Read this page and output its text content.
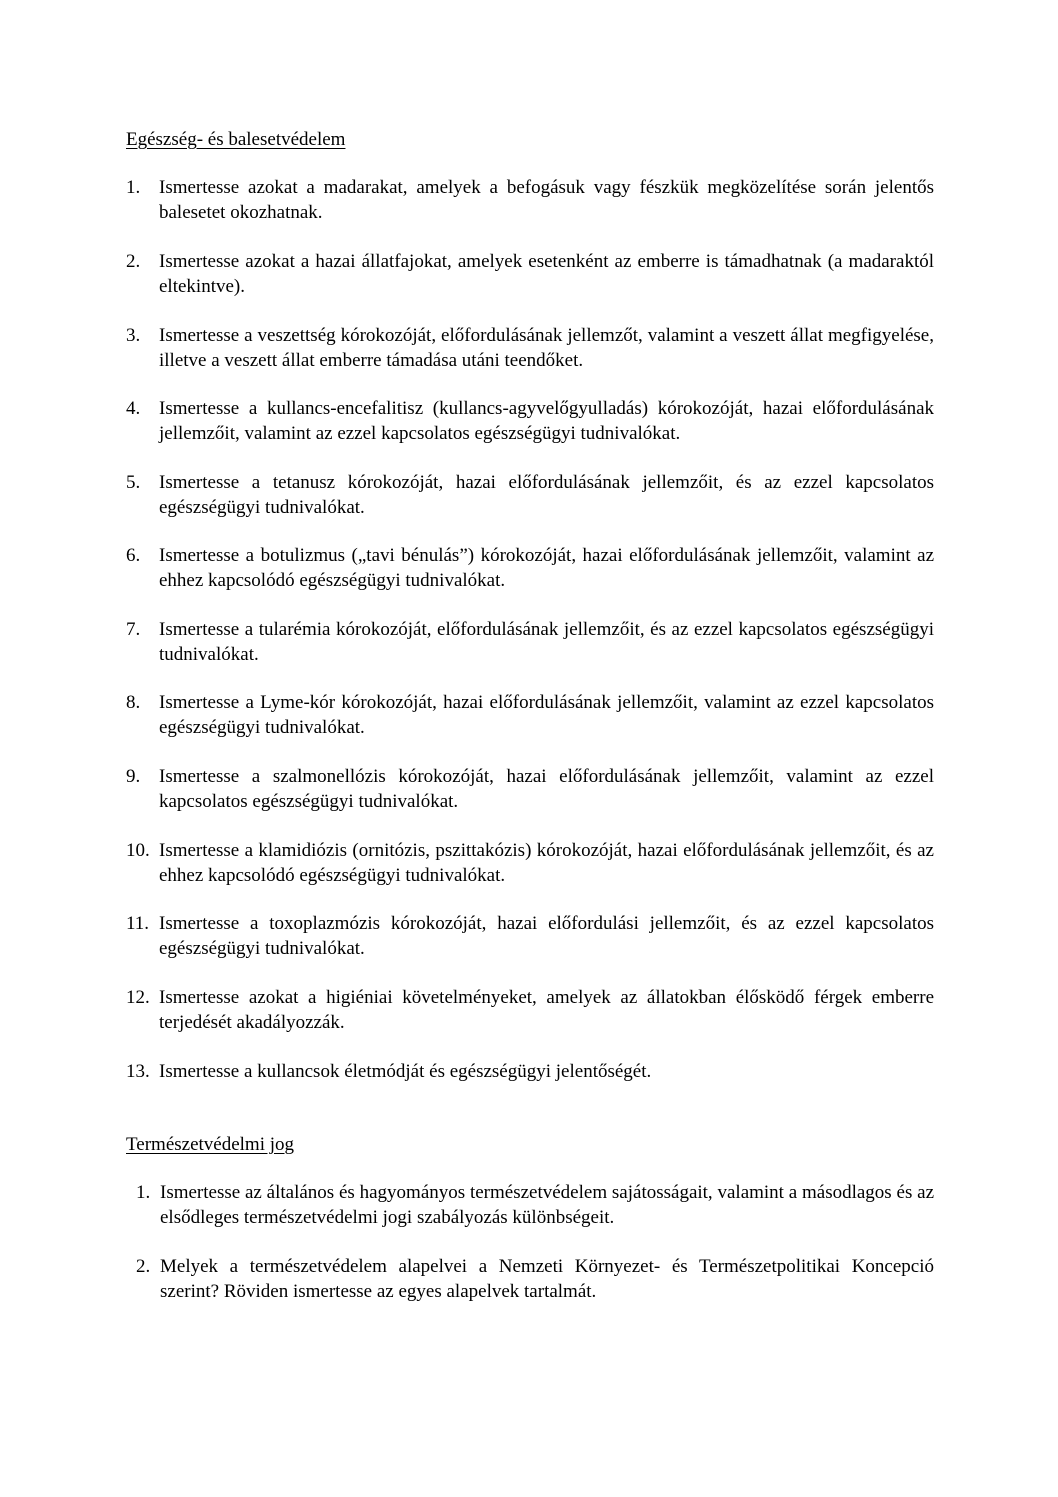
Egészség- és balesetvédelem
1. Ismertesse azokat a madarakat, amelyek a befogásuk vagy fészkük megközelítése során jelentős balesetet okozhatnak.
2. Ismertesse azokat a hazai állatfajokat, amelyek esetenként az emberre is támadhatnak (a madaraktól eltekintve).
3. Ismertesse a veszettség kórokozóját, előfordulásának jellemzőt, valamint a veszett állat megfigyelése, illetve a veszett állat emberre támadása utáni teendőket.
4. Ismertesse a kullancs-encefalitisz (kullancs-agyvelőgyulladás) kórokozóját, hazai előfordulásának jellemzőit, valamint az ezzel kapcsolatos egészségügyi tudnivalókat.
5. Ismertesse a tetanusz kórokozóját, hazai előfordulásának jellemzőit, és az ezzel kapcsolatos egészségügyi tudnivalókat.
6. Ismertesse a botulizmus („tavi bénulás”) kórokozóját, hazai előfordulásának jellemzőit, valamint az ehhez kapcsolódó egészségügyi tudnivalókat.
7. Ismertesse a tularémia kórokozóját, előfordulásának jellemzőit, és az ezzel kapcsolatos egészségügyi tudnivalókat.
8. Ismertesse a Lyme-kór kórokozóját, hazai előfordulásának jellemzőit, valamint az ezzel kapcsolatos egészségügyi tudnivalókat.
9. Ismertesse a szalmonellózis kórokozóját, hazai előfordulásának jellemzőit, valamint az ezzel kapcsolatos egészségügyi tudnivalókat.
10. Ismertesse a klamidiózis (ornitózis, pszittakózis) kórokozóját, hazai előfordulásának jellemzőit, és az ehhez kapcsolódó egészségügyi tudnivalókat.
11. Ismertesse a toxoplazmózis kórokozóját, hazai előfordulási jellemzőit, és az ezzel kapcsolatos egészségügyi tudnivalókat.
12. Ismertesse azokat a higiéniai követelményeket, amelyek az állatokban élősködő férgek emberre terjedését akadályozzák.
13. Ismertesse a kullancsok életmódját és egészségügyi jelentőségét.
Természetvédelmi jog
1. Ismertesse az általános és hagyományos természetvédelem sajátosságait, valamint a másodlagos és az elsődleges természetvédelmi jogi szabályozás különbségeit.
2. Melyek a természetvédelem alapelvei a Nemzeti Környezet- és Természetpolitikai Koncepció szerint? Röviden ismertesse az egyes alapelvek tartalmát.
